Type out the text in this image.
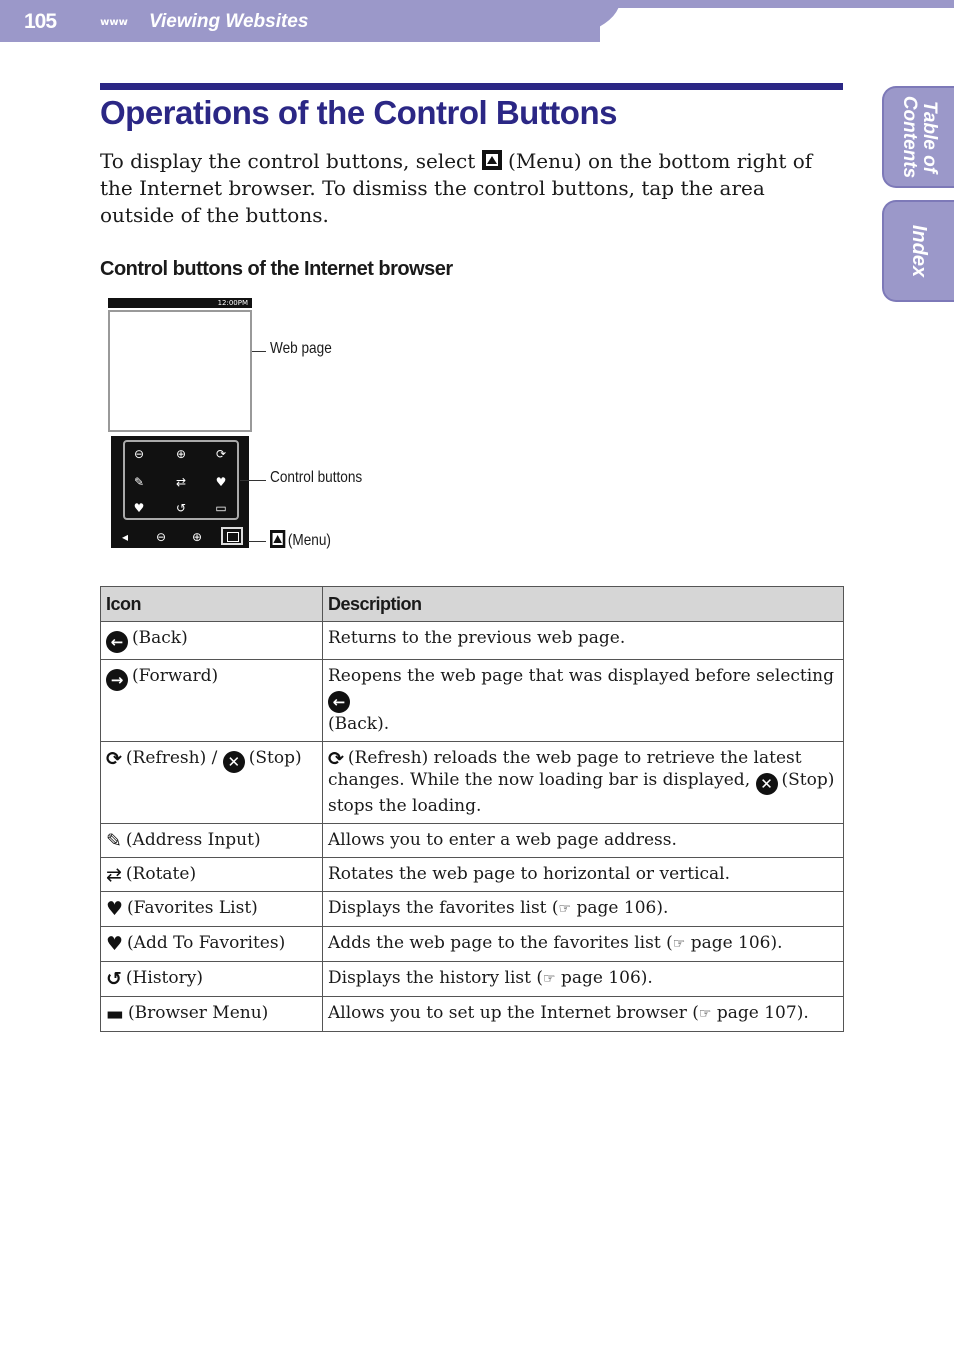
105	www Viewing Websites
Table of Contents
Index
Operations of the Control Buttons

To display the control buttons, select (Menu) on the bottom right of the Internet browser. To dismiss the control buttons, tap the area outside of the buttons.

Control buttons of the Internet browser
12:00PM
⊖	⊕ ⟳
✎	⇄ ♥
♥	↺ ▭
◂	⊖ ⊕
Web page
Control buttons
(Menu)
Icon	Description
← (Back)	Returns to the previous web page.
→ (Forward)	Reopens the web page that was displayed before selecting ←
(Back).
⟳ (Refresh) / ✕ (Stop)	⟳ (Refresh) reloads the web page to retrieve the latest changes. While the now loading bar is displayed, ✕ (Stop) stops the loading.
✎ (Address Input)	Allows you to enter a web page address.
⇄ (Rotate)	Rotates the web page to horizontal or vertical.
♥ (Favorites List)	Displays the favorites list (☞ page 106).
♥ (Add To Favorites)	Adds the web page to the favorites list (☞ page 106).
↺ (History)	Displays the history list (☞ page 106).
▬ (Browser Menu)	Allows you to set up the Internet browser (☞ page 107).
